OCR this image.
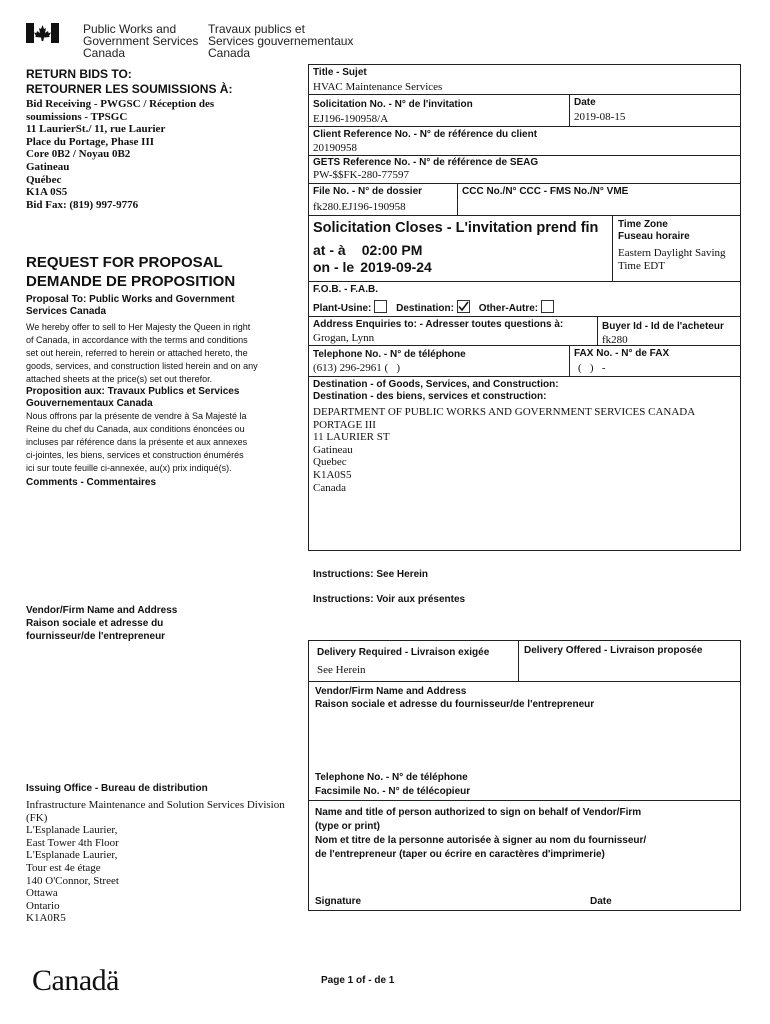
Public Works and
Government Services
Canada
Travaux publics et
Services gouvernementaux
Canada
RETURN BIDS TO:
RETOURNER LES SOUMISSIONS À:
Bid Receiving - PWGSC / Réception des
soumissions - TPSGC
11 LaurierSt./ 11, rue Laurier
Place du Portage, Phase III
Core 0B2 / Noyau 0B2
Gatineau
Québec
K1A 0S5
Bid Fax: (819) 997-9776
REQUEST FOR PROPOSAL
DEMANDE DE PROPOSITION
Proposal To: Public Works and Government Services Canada
We hereby offer to sell to Her Majesty the Queen in right
of Canada, in accordance with the terms and conditions
set out herein, referred to herein or attached hereto, the
goods, services, and construction listed herein and on any
attached sheets at the price(s) set out therefor.
Proposition aux: Travaux Publics et Services Gouvernementaux Canada
Nous offrons par la présente de vendre à Sa Majesté la
Reine du chef du Canada, aux conditions énoncées ou
incluses par référence dans la présente et aux annexes
ci-jointes, les biens, services et construction énumérés
ici sur toute feuille ci-annexée, au(x) prix indiqué(s).
Comments - Commentaires
Vendor/Firm Name and Address
Raison sociale et adresse du
fournisseur/de l'entrepreneur
Issuing Office - Bureau de distribution
Infrastructure Maintenance and Solution Services Division
(FK)
L'Esplanade Laurier,
East Tower 4th Floor
L'Esplanade Laurier,
Tour est 4e étage
140 O'Connor, Street
Ottawa
Ontario
K1A0R5
Canadä
Title - Sujet
HVAC Maintenance Services
Solicitation No. - N° de l'invitation
EJ196-190958/A
Date
2019-08-15
Client Reference No. - N° de référence du client
20190958
GETS Reference No. - N° de référence de SEAG
PW-$$FK-280-77597
File No. - N° de dossier
fk280.EJ196-190958
CCC No./N° CCC - FMS No./N° VME
Solicitation Closes - L'invitation prend fin
at - à 02:00 PM
on - le 2019-09-24
Time Zone
Fuseau horaire
Eastern Daylight Saving
Time EDT
F.O.B. - F.A.B.
Plant-Usine: Destination: Other-Autre:
Address Enquiries to: - Adresser toutes questions à:
Grogan, Lynn
Buyer Id - Id de l'acheteur
fk280
Telephone No. - N° de téléphone
(613) 296-2961 (   )
FAX No. - N° de FAX
(   )   -
Destination - of Goods, Services, and Construction:
Destination - des biens, services et construction:
DEPARTMENT OF PUBLIC WORKS AND GOVERNMENT SERVICES CANADA
PORTAGE III
11 LAURIER ST
Gatineau
Quebec
K1A0S5
Canada
Instructions: See Herein
Instructions: Voir aux présentes
Delivery Required - Livraison exigée
See Herein
Delivery Offered - Livraison proposée
Vendor/Firm Name and Address
Raison sociale et adresse du fournisseur/de l'entrepreneur
Telephone No. - N° de téléphone
Facsimile No. - N° de télécopieur
Name and title of person authorized to sign on behalf of Vendor/Firm
(type or print)
Nom et titre de la personne autorisée à signer au nom du fournisseur/
de l'entrepreneur (taper ou écrire en caractères d'imprimerie)
Signature	Date
Page 1 of - de 1
